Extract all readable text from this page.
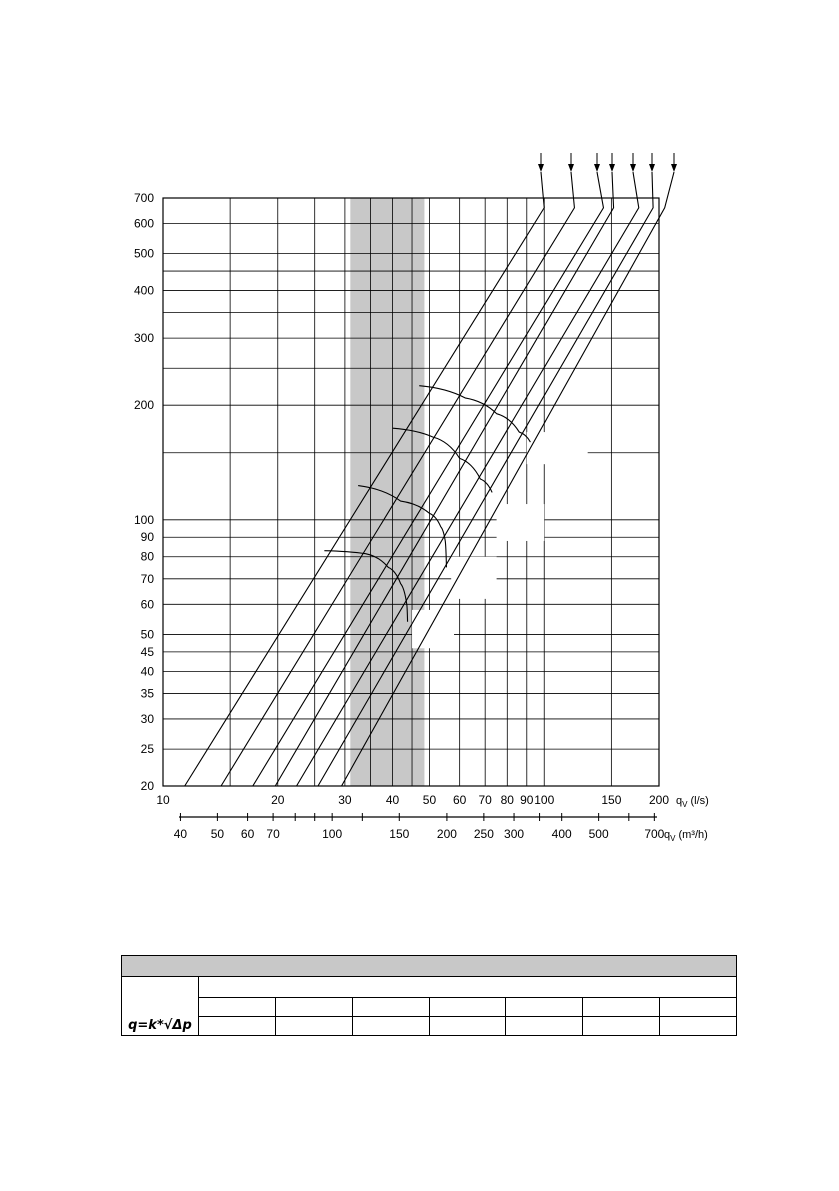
20
25
30
35
40
45
50
60
70
80
90
100
200
300
400
500
600
700
10	20	30	40 50 60 70 80 90 100	150 200
40 50 60 70	100	150 200 250 300 400 500	700
$q_V$ (l/s)
$q_V$ (m³/h)

q=k*√Δp							
